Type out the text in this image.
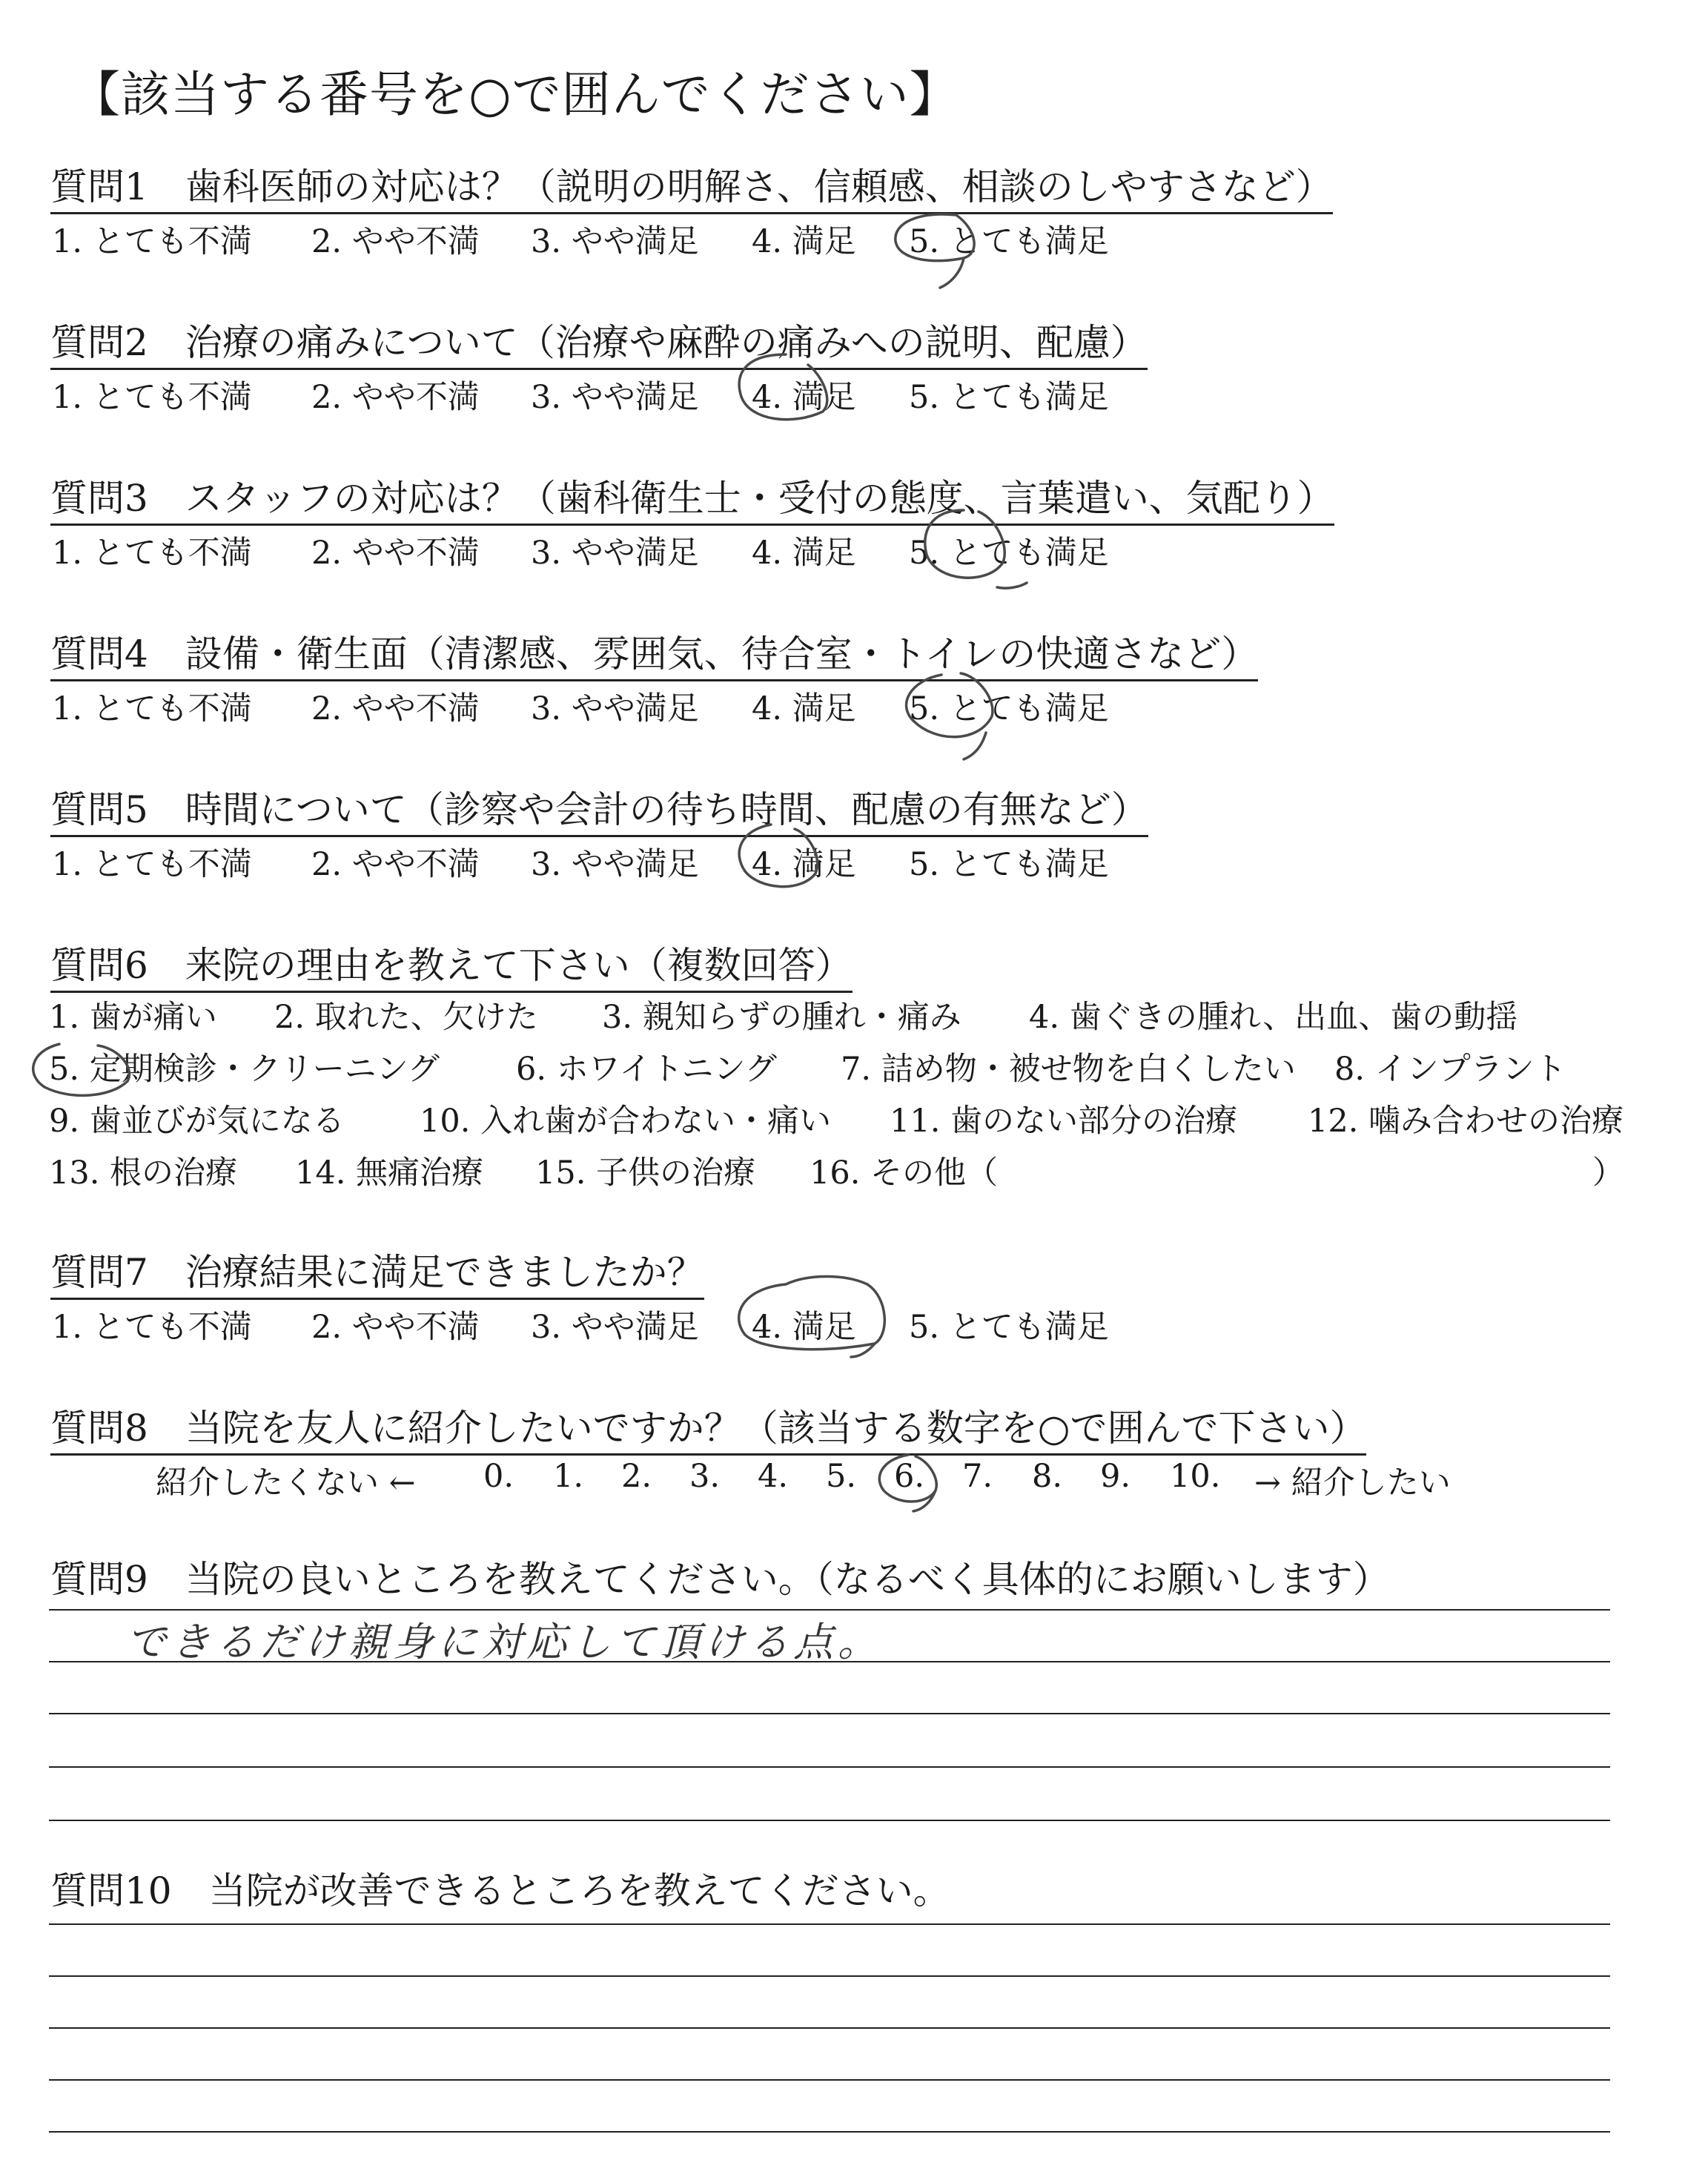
【該当する番号を○で囲んでください】
質問1　歯科医師の対応は？（説明の明解さ、信頼感、相談のしやすさなど）
1. とても不満 2. やや不満 3. やや満足 4. 満足 5. とても満足
質問2　治療の痛みについて（治療や麻酔の痛みへの説明、配慮）
1. とても不満 2. やや不満 3. やや満足 4. 満足 5. とても満足
質問3　スタッフの対応は？（歯科衛生士・受付の態度、言葉遣い、気配り）
1. とても不満 2. やや不満 3. やや満足 4. 満足 5. とても満足
質問4　設備・衛生面（清潔感、雰囲気、待合室・トイレの快適さなど）
1. とても不満 2. やや不満 3. やや満足 4. 満足 5. とても満足
質問5　時間について（診察や会計の待ち時間、配慮の有無など）
1. とても不満 2. やや不満 3. やや満足 4. 満足 5. とても満足
質問6　来院の理由を教えて下さい（複数回答）
1. 歯が痛い 2. 取れた、欠けた 3. 親知らずの腫れ・痛み 4. 歯ぐきの腫れ、出血、歯の動揺
5. 定期検診・クリーニング 6. ホワイトニング 7. 詰め物・被せ物を白くしたい 8. インプラント
9. 歯並びが気になる 10. 入れ歯が合わない・痛い 11. 歯のない部分の治療 12. 噛み合わせの治療
13. 根の治療 14. 無痛治療 15. 子供の治療 16. その他（	）
質問7　治療結果に満足できましたか？
1. とても不満 2. やや不満 3. やや満足 4. 満足 5. とても満足
質問8　当院を友人に紹介したいですか？（該当する数字を○で囲んで下さい）
紹介したくない ← 0. 1. 2. 3. 4. 5. 6. 7. 8. 9. 10. → 紹介したい
質問9　当院の良いところを教えてください。（なるべく具体的にお願いします）
できるだけ親身に対応して頂ける点。
質問10　当院が改善できるところを教えてください。
